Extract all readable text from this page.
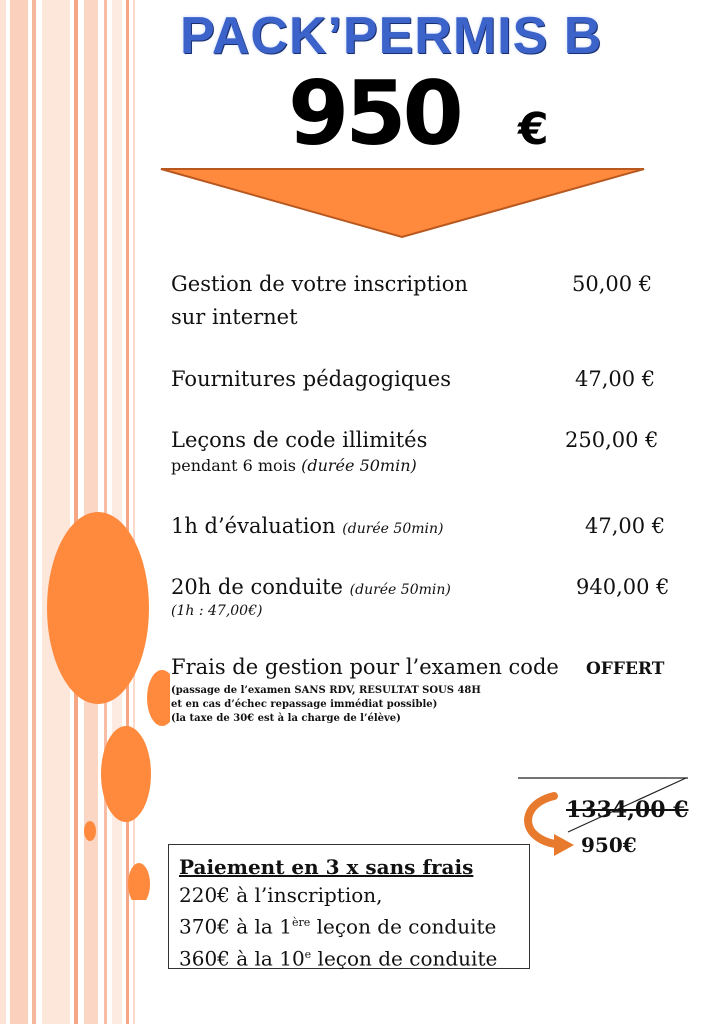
PACK’PERMIS B
950 €
Gestion de votre inscription
sur internet
50,00 €
Fournitures pédagogiques	47,00 €
Leçons de code illimités
pendant 6 mois (durée 50min)
250,00 €
1h d’évaluation (durée 50min)	47,00 €
20h de conduite (durée 50min)
(1h : 47,00€)
940,00 €
Frais de gestion pour l’examen code OFFERT
(passage de l’examen SANS RDV, RESULTAT SOUS 48H
et en cas d’échec repassage immédiat possible)
(la taxe de 30€ est à la charge de l’élève)
1334,00 €
950€
Paiement en 3 x sans frais
220€ à l’inscription,
370€ à la 1ère leçon de conduite
360€ à la 10e leçon de conduite
